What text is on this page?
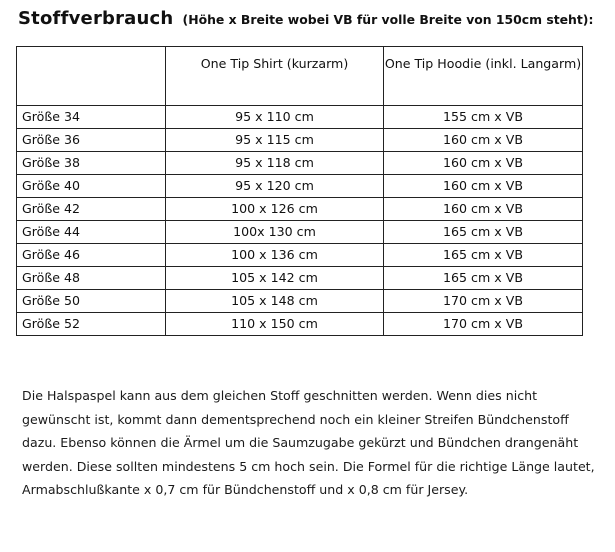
Stoffverbrauch (Höhe x Breite wobei VB für volle Breite von 150cm steht):
	One Tip Shirt (kurzarm)	One Tip Hoodie (inkl. Langarm)
Größe 34	95 x 110 cm	155 cm x VB
Größe 36	95 x 115 cm	160 cm x VB
Größe 38	95 x 118 cm	160 cm x VB
Größe 40	95 x 120 cm	160 cm x VB
Größe 42	100 x 126 cm	160 cm x VB
Größe 44	100x 130 cm	165 cm x VB
Größe 46	100 x 136 cm	165 cm x VB
Größe 48	105 x 142 cm	165 cm x VB
Größe 50	105 x 148 cm	170 cm x VB
Größe 52	110 x 150 cm	170 cm x VB

Die Halspaspel kann aus dem gleichen Stoff geschnitten werden. Wenn dies nicht gewünscht ist, kommt dann dementsprechend noch ein kleiner Streifen Bündchenstoff dazu. Ebenso können die Ärmel um die Saumzugabe gekürzt und Bündchen drangenäht werden. Diese sollten mindestens 5 cm hoch sein. Die Formel für die richtige Länge lautet, Armabschlußkante x 0,7 cm für Bündchenstoff und x 0,8 cm für Jersey.
